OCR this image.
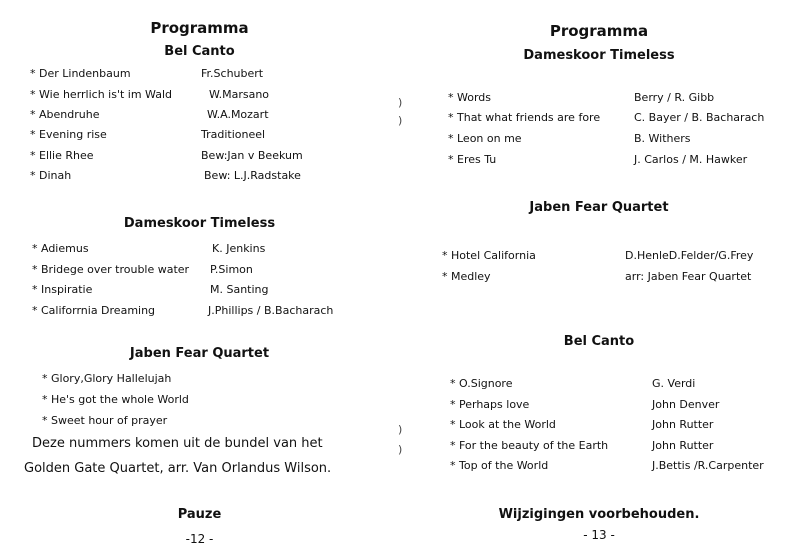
Programma
Bel Canto
* Der Lindenbaum	Fr.Schubert
* Wie herrlich is't im Wald	W.Marsano
* Abendruhe	W.A.Mozart
* Evening rise	Traditioneel
* Ellie Rhee	Bew:Jan v Beekum
* Dinah	Bew: L.J.Radstake
Dameskoor Timeless
* Adiemus	K. Jenkins
* Bridege over trouble water P.Simon
* Inspiratie	M. Santing
* Califorrnia Dreaming	J.Phillips / B.Bacharach
Jaben Fear Quartet
* Glory,Glory Hallelujah
* He's got the whole World
* Sweet hour of prayer
Deze nummers komen uit de bundel van het
Golden Gate Quartet, arr. Van Orlandus Wilson.
Pauze
-12 -
)
)
)
)
Programma
Dameskoor Timeless
* Words	Berry / R. Gibb
* That what friends are fore	C. Bayer / B. Bacharach
* Leon on me	B. Withers
* Eres Tu	J. Carlos / M. Hawker
Jaben Fear Quartet
* Hotel California	D.HenleD.Felder/G.Frey
* Medley	arr: Jaben Fear Quartet
Bel Canto
* O.Signore	G. Verdi
* Perhaps love	John Denver
* Look at the World	John Rutter
* For the beauty of the Earth	John Rutter
* Top of the World	J.Bettis /R.Carpenter
Wijzigingen voorbehouden.
- 13 -
